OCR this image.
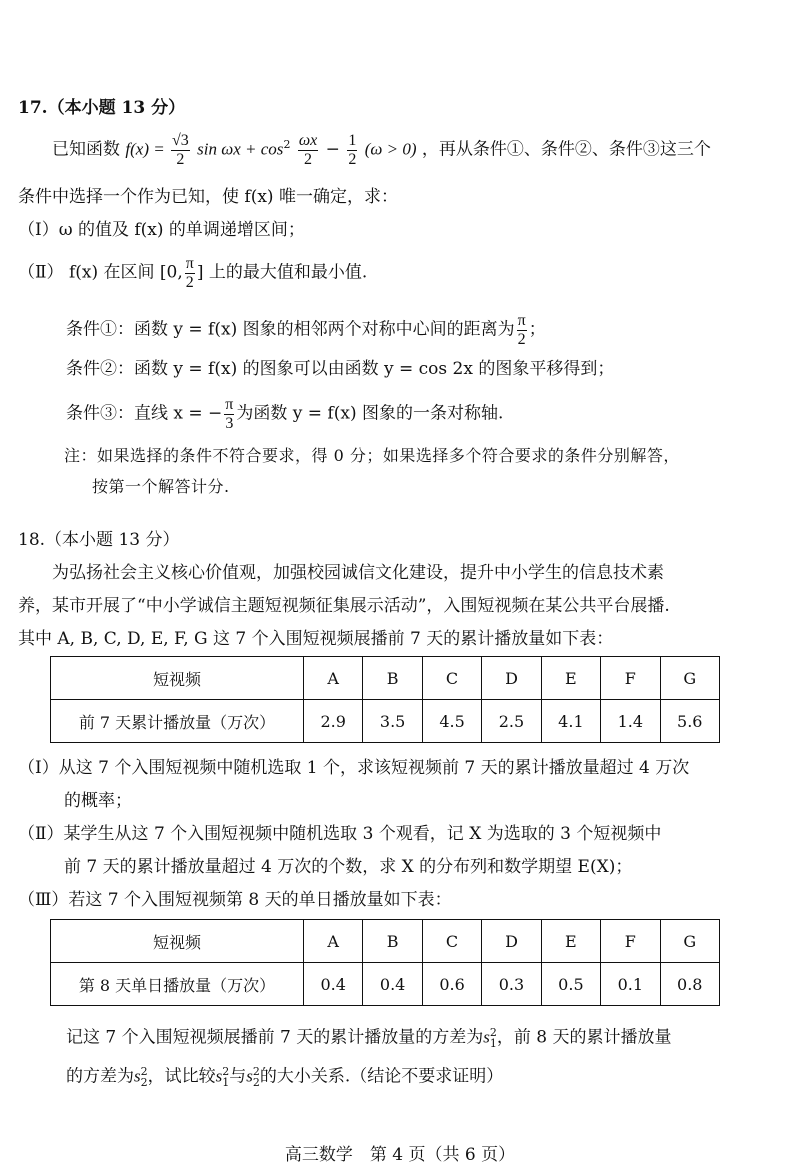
17.（本小题 13 分）
已知函数 $f(x) = \frac{√3}{2}$ $\sin \omega x + \cos^2 \frac{\omega x}{2} - \frac{1}{2} (\omega > 0)$ ，再从条件①、条件②、条件③这三个
条件中选择一个作为已知，使 f(x) 唯一确定，求：
（Ⅰ）ω 的值及 f(x) 的单调递增区间；
（Ⅱ） f(x) 在区间 [0, $\frac{\pi}{2}$ ] 上的最大值和最小值.
条件①：函数 y = f(x) 图象的相邻两个对称中心间的距离为 $\frac{\pi}{2}$ ；
条件②：函数 y = f(x) 的图象可以由函数 y = cos 2x 的图象平移得到；
条件③：直线 x = − $\frac{\pi}{3}$ 为函数 y = f(x) 图象的一条对称轴.
注：如果选择的条件不符合要求，得 0 分；如果选择多个符合要求的条件分别解答，
按第一个解答计分.
18.（本小题 13 分）
为弘扬社会主义核心价值观，加强校园诚信文化建设，提升中小学生的信息技术素
养，某市开展了“中小学诚信主题短视频征集展示活动”，入围短视频在某公共平台展播.
其中 A, B, C, D, E, F, G 这 7 个入围短视频展播前 7 天的累计播放量如下表：
短视频	A	B	C	D	E	F	G
前 7 天累计播放量（万次）	2.9	3.5	4.5	2.5	4.1	1.4	5.6
（Ⅰ）从这 7 个入围短视频中随机选取 1 个，求该短视频前 7 天的累计播放量超过 4 万次
的概率；
（Ⅱ）某学生从这 7 个入围短视频中随机选取 3 个观看，记 X 为选取的 3 个短视频中
前 7 天的累计播放量超过 4 万次的个数，求 X 的分布列和数学期望 E(X)；
（Ⅲ）若这 7 个入围短视频第 8 天的单日播放量如下表：
短视频	A	B	C	D	E	F	G
第 8 天单日播放量（万次）	0.4	0.4	0.6	0.3	0.5	0.1	0.8
记这 7 个入围短视频展播前 7 天的累计播放量的方差为$s^2_1$，前 8 天的累计播放量
的方差为$s^2_2$，试比较$s^2_1$与$s^2_2$的大小关系.（结论不要求证明）
高三数学　第 4 页（共 6 页）
